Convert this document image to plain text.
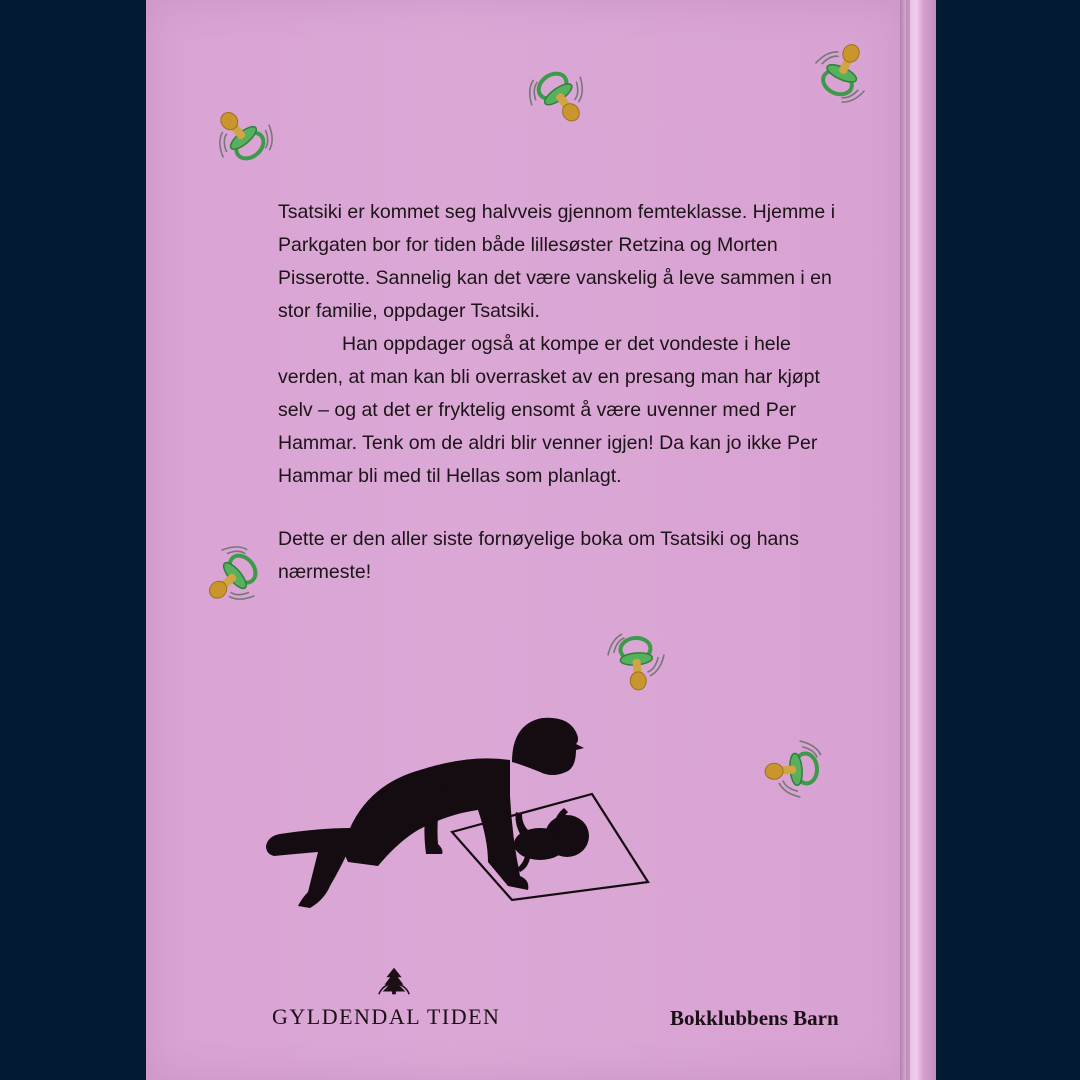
Tsatsiki er kommet seg halvveis gjennom femteklasse. Hjemme i Parkgaten bor for tiden både lillesøster Retzina og Morten Pisserotte. Sannelig kan det være vanskelig å leve sammen i en stor familie, oppdager Tsatsiki.

Han oppdager også at kompe er det vondeste i hele verden, at man kan bli overrasket av en presang man har kjøpt selv – og at det er fryktelig ensomt å være uvenner med Per Hammar. Tenk om de aldri blir venner igjen! Da kan jo ikke Per Hammar bli med til Hellas som planlagt.

Dette er den aller siste fornøyelige boka om Tsatsiki og hans nærmeste!

GYLDENDAL TIDEN	Bokklubbens Barn
